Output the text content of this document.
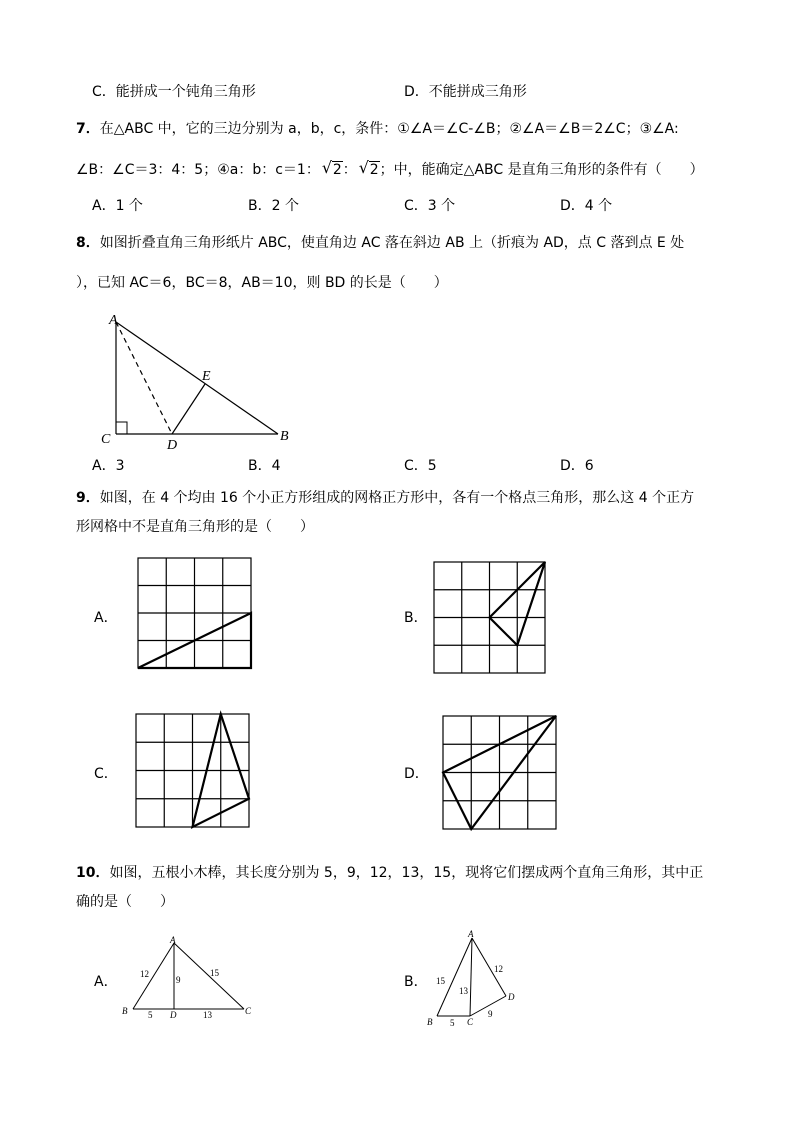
C．能拼成一个钝角三角形	D．不能拼成三角形
7．在△ABC 中，它的三边分别为 a，b，c，条件：①∠A＝∠C-∠B；②∠A＝∠B＝2∠C；③∠A:
∠B：∠C＝3：4：5；④a：b：c＝1： √ 2： √ 2；中，能确定△ABC 是直角三角形的条件有（　　）
A．1 个	B．2 个	C．3 个	D．4 个
8．如图折叠直角三角形纸片 ABC，使直角边 AC 落在斜边 AB 上（折痕为 AD，点 C 落到点 E 处
），已知 AC＝6，BC＝8，AB＝10，则 BD 的长是（　　）
A
C	D
B
E
A．3	B．4	C．5	D．6
9．如图，在 4 个均由 16 个小正方形组成的网格正方形中，各有一个格点三角形，那么这 4 个正方
形网格中不是直角三角形的是（　　）
A．	B．
C．	D．
10．如图，五根小木棒，其长度分别为 5，9，12，13，15，现将它们摆成两个直角三角形，其中正
确的是（　　）
A．	B．
A
B	D	C
12
9
15
5	13
A
B	C
D
15
13
12
5
9
